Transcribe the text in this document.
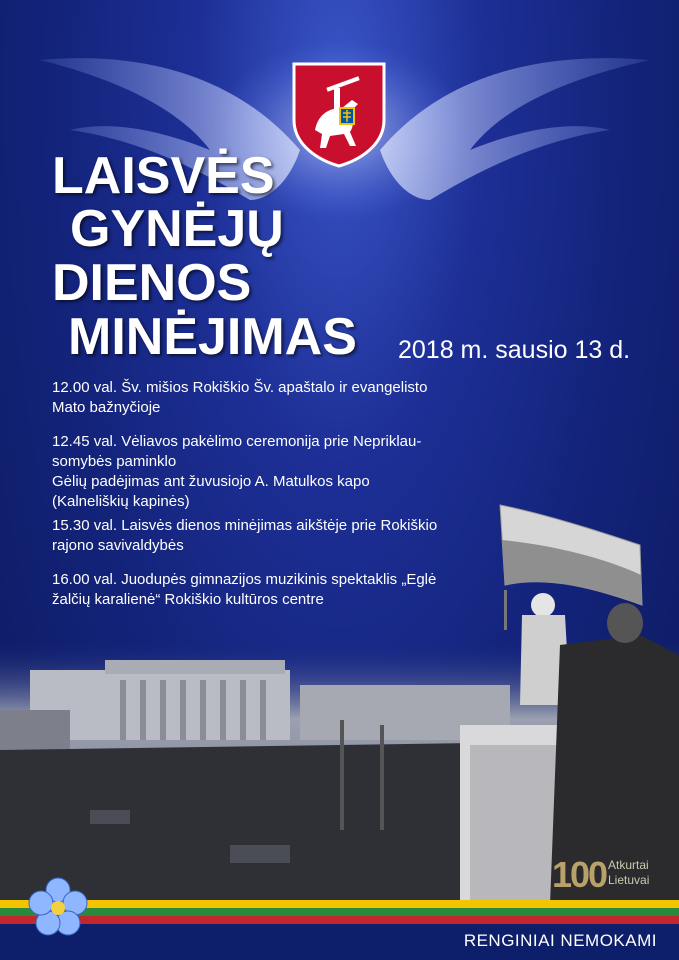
LAISVĖS
GYNĖJŲ
DIENOS
MINĖJIMAS 2018 m. sausio 13 d.
12.00 val. Šv. mišios Rokiškio Šv. apaštalo ir evangelisto
Mato bažnyčioje
12.45 val. Vėliavos pakėlimo ceremonija prie Nepriklau-
somybės paminklo
Gėlių padėjimas ant žuvusiojo A. Matulkos kapo
(Kalneliškių kapinės)
15.30 val. Laisvės dienos minėjimas aikštėje prie Rokiškio
rajono savivaldybės
16.00 val. Juodupės gimnazijos muzikinis spektaklis „Eglė
žalčių karalienė“ Rokiškio kultūros centre
100 Atkurtai
Lietuvai
RENGINIAI NEMOKAMI
